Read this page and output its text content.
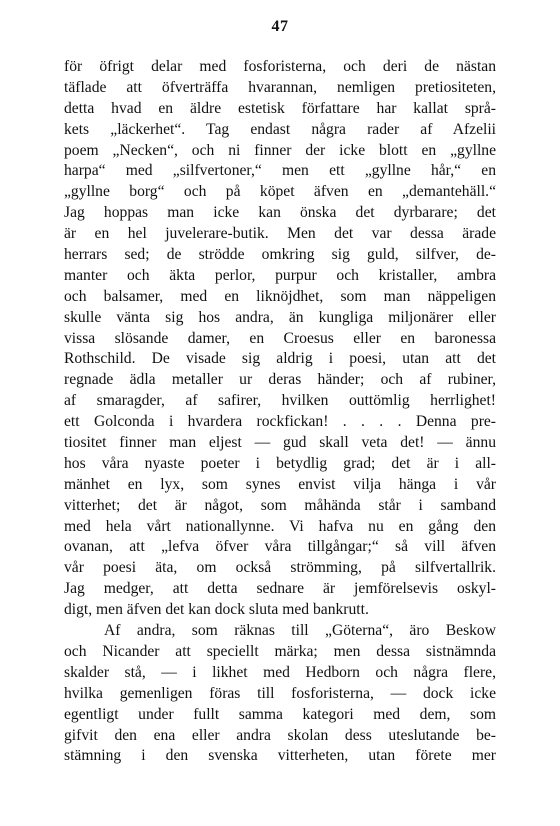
47
för öfrigt delar med fosforisterna, och deri de nästan
täflade att öfverträffa hvarannan, nemligen pretiositeten,
detta hvad en äldre estetisk författare har kallat språ-
kets „läckerhet“. Tag endast några rader af Afzelii
poem „Necken“, och ni finner der icke blott en „gyllne
harpa“ med „silfvertoner,“ men ett „gyllne hår,“ en
„gyllne borg“ och på köpet äfven en „demantehäll.“
Jag hoppas man icke kan önska det dyrbarare; det
är en hel juvelerare-butik. Men det var dessa ärade
herrars sed; de strödde omkring sig guld, silfver, de-
manter och äkta perlor, purpur och kristaller, ambra
och balsamer, med en liknöjdhet, som man näppeligen
skulle vänta sig hos andra, än kungliga miljonärer eller
vissa slösande damer, en Croesus eller en baronessa
Rothschild. De visade sig aldrig i poesi, utan att det
regnade ädla metaller ur deras händer; och af rubiner,
af smaragder, af safirer, hvilken outtömlig herrlighet!
ett Golconda i hvardera rockfickan! . . . . Denna pre-
tiositet finner man eljest — gud skall veta det! — ännu
hos våra nyaste poeter i betydlig grad; det är i all-
mänhet en lyx, som synes envist vilja hänga i vår
vitterhet; det är något, som måhända står i samband
med hela vårt nationallynne. Vi hafva nu en gång den
ovanan, att „lefva öfver våra tillgångar;“ så vill äfven
vår poesi äta, om också strömming, på silfvertallrik.
Jag medger, att detta sednare är jemförelsevis oskyl-
digt, men äfven det kan dock sluta med bankrutt.
Af andra, som räknas till „Göterna“, äro Beskow
och Nicander att speciellt märka; men dessa sistnämnda
skalder stå, — i likhet med Hedborn och några flere,
hvilka gemenligen föras till fosforisterna, — dock icke
egentligt under fullt samma kategori med dem, som
gifvit den ena eller andra skolan dess uteslutande be-
stämning i den svenska vitterheten, utan förete mer
